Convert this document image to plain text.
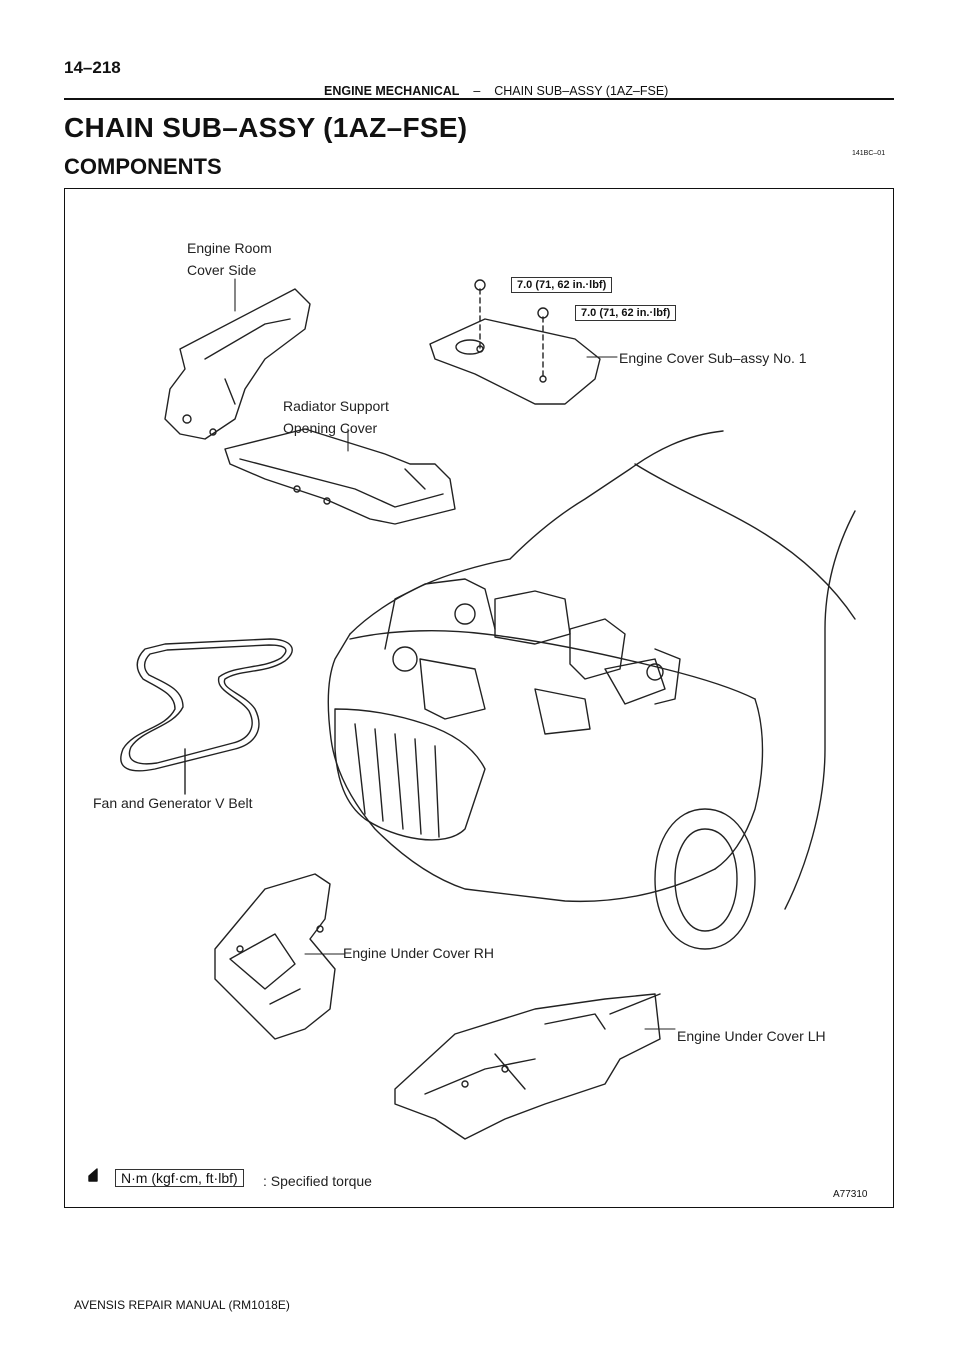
14–218
ENGINE MECHANICAL – CHAIN SUB–ASSY (1AZ–FSE)
CHAIN SUB–ASSY (1AZ–FSE)
COMPONENTS
141BC–01
Engine Room
Cover Side
7.0 (71, 62 in.·lbf)
7.0 (71, 62 in.·lbf)
Engine Cover Sub–assy No. 1
Radiator Support
Opening Cover
Fan and Generator V Belt
Engine Under Cover RH
Engine Under Cover LH
N·m (kgf·cm, ft·lbf)	: Specified torque
A77310
AVENSIS REPAIR MANUAL (RM1018E)
